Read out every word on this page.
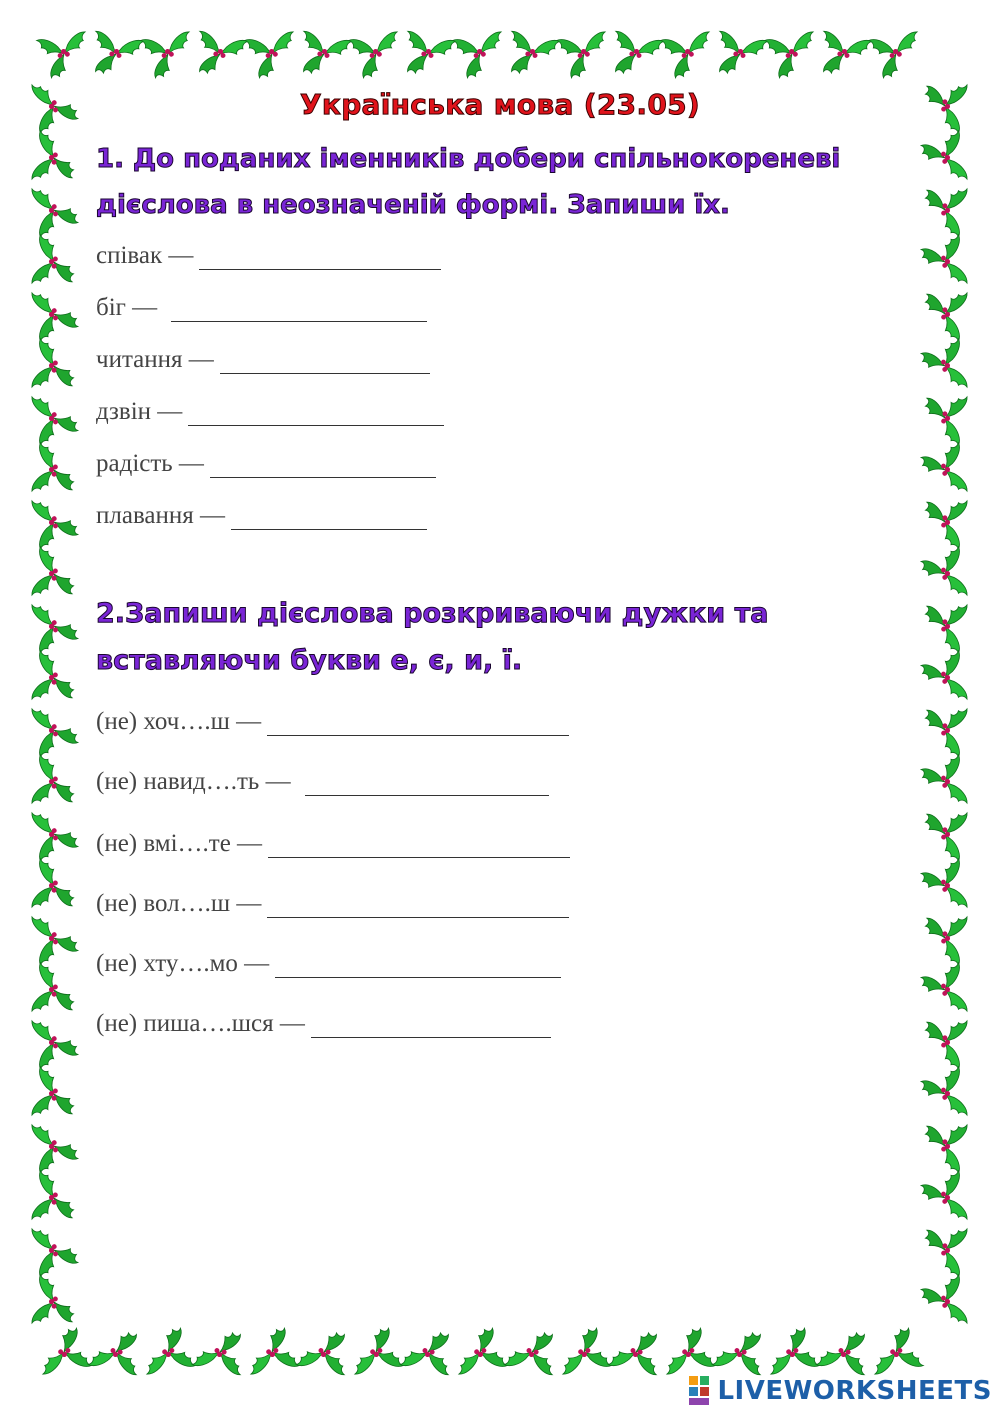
Українська мова (23.05)
1. До поданих іменників добери спільнокореневі дієслова в неозначеній формі. Запиши їх.
співак —
біг —
читання —
дзвін —
радість —
плавання —
2.Запиши дієслова розкриваючи дужки та вставляючи букви е, є, и, ї.
(не) хоч….ш —
(не) навид….ть —
(не) вмі….те —
(не) вол….ш —
(не) хту….мо —
(не) пиша….шся —
LIVEWORKSHEETS
